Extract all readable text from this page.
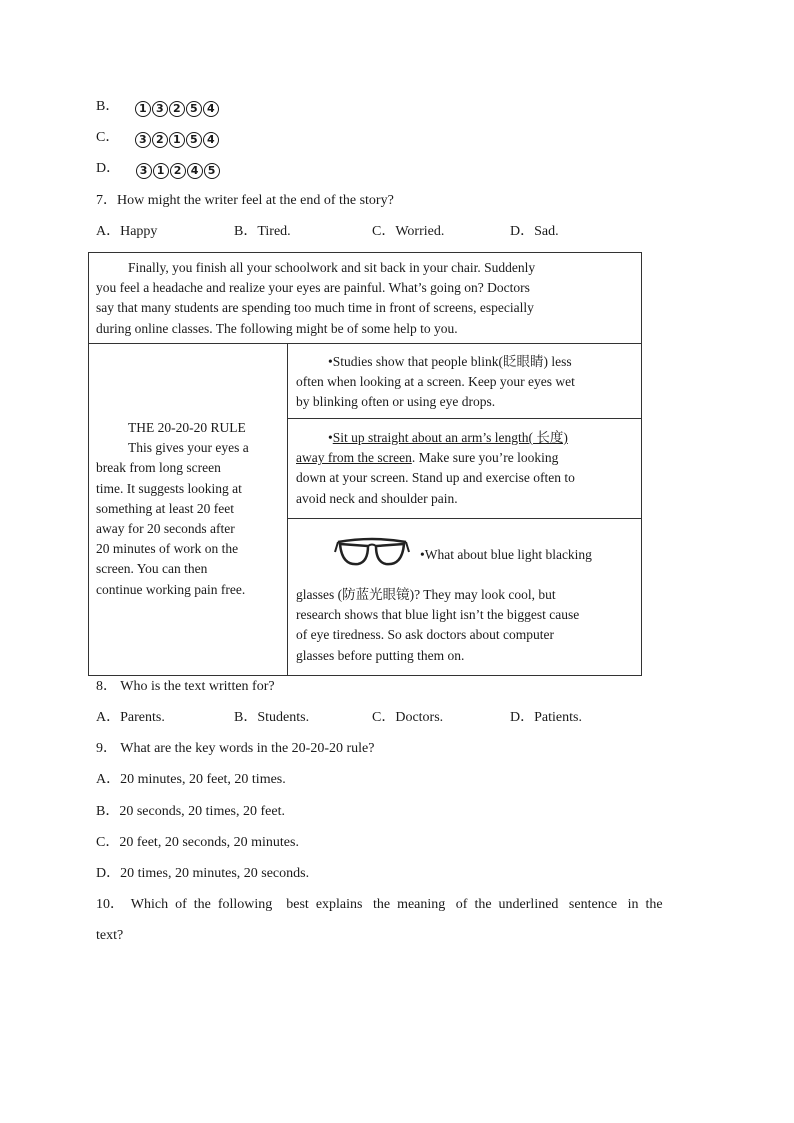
B． 1 3 2 5 4
C． 3 2 1 5 4
D． 3 1 2 4 5
7．How might the writer feel at the end of the story?
A．Happy	B．Tired.	C．Worried.	D．Sad.
Finally, you finish all your schoolwork and sit back in your chair. Suddenly
you feel a headache and realize your eyes are painful. What’s going on? Doctors
say that many students are spending too much time in front of screens, especially
during online classes. The following might be of some help to you.
THE 20-20-20 RULE
This gives your eyes a
break from long screen
time. It suggests looking at
something at least 20 feet
away for 20 seconds after
20 minutes of work on the
screen. You can then
continue working pain free.
•Studies show that people blink(眨眼睛) less
often when looking at a screen. Keep your eyes wet
by blinking often or using eye drops.
•Sit up straight about an arm’s length( 长度)
away from the screen. Make sure you’re looking
down at your screen. Stand up and exercise often to
avoid neck and shoulder pain.
•What about blue light blacking
glasses (防蓝光眼镜)? They may look cool, but
research shows that blue light isn’t the biggest cause
of eye tiredness. So ask doctors about computer
glasses before putting them on.
8． Who is the text written for?
A．Parents.	B．Students.	C．Doctors.	D．Patients.
9． What are the key words in the 20-20-20 rule?
A．20 minutes, 20 feet, 20 times.
B．20 seconds, 20 times, 20 feet.
C．20 feet, 20 seconds, 20 minutes.
D．20 times, 20 minutes, 20 seconds.
10．  Which  of  the  following    best  explains   the  meaning   of  the  underlined   sentence   in  the
text?
